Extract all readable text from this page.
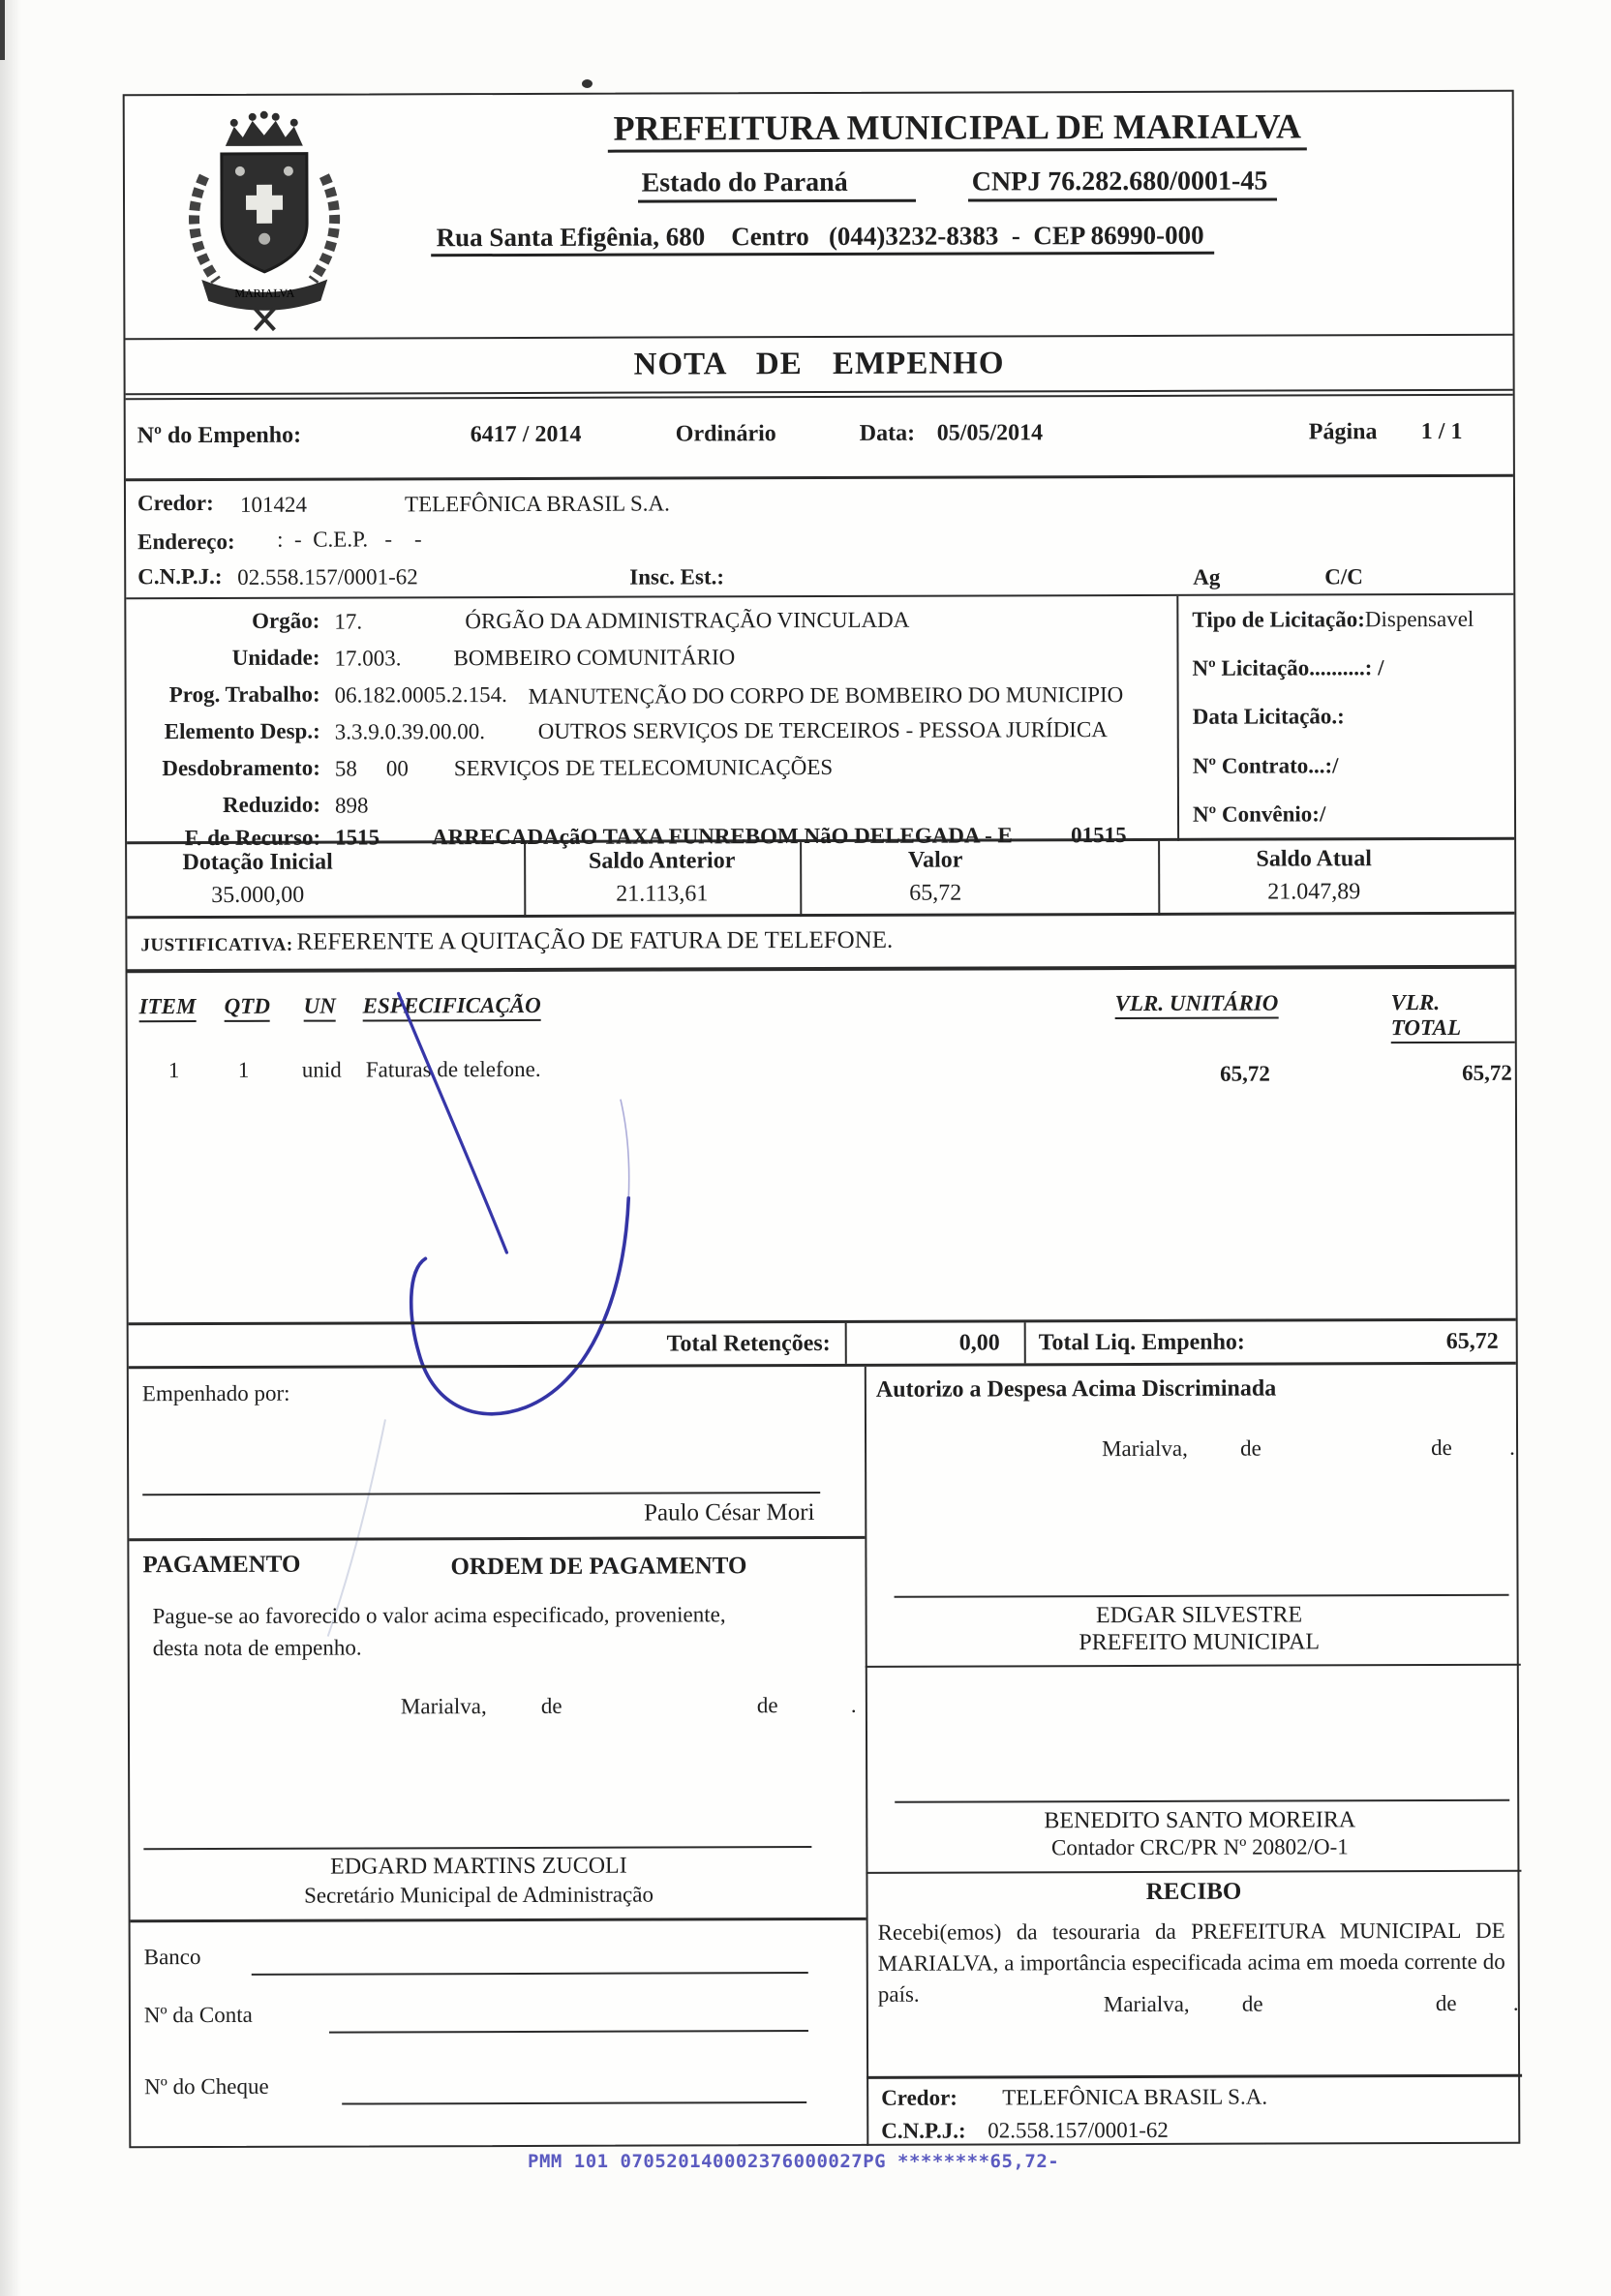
MARIALVA
PREFEITURA MUNICIPAL DE MARIALVA
Estado do Paraná	CNPJ 76.282.680/0001-45
Rua Santa Efigênia, 680    Centro   (044)3232-8383  -  CEP 86990-000
NOTA DE EMPENHO
Nº do Empenho:	6417 / 2014	Ordinário	Data: 05/05/2014	Página 1 / 1
Credor: 101424	TELEFÔNICA BRASIL S.A.
Endereço: :  -  C.E.P.   -    -
C.N.P.J.: 02.558.157/0001-62	Insc. Est.:	Ag	C/C
Orgão: 17.	ÓRGÃO DA ADMINISTRAÇÃO VINCULADA
Unidade: 17.003. BOMBEIRO COMUNITÁRIO
Prog. Trabalho: 06.182.0005.2.154. MANUTENÇÃO DO CORPO DE BOMBEIRO DO MUNICIPIO
Elemento Desp.: 3.3.9.0.39.00.00. OUTROS SERVIÇOS DE TERCEIROS - PESSOA JURÍDICA
Desdobramento: 58 00 SERVIÇOS DE TELECOMUNICAÇÕES
Reduzido: 898
F. de Recurso: 1515 ARRECADAçãO TAXA FUNREBOM NãO DELEGADA - E	01515
Tipo de Licitação:Dispensavel
Nº Licitação..........: /
Data Licitação.:
Nº Contrato...:/
Nº Convênio:/
Dotação Inicial	Saldo Anterior	Valor	Saldo Atual
35.000,00	21.113,61	65,72	21.047,89
JUSTIFICATIVA: REFERENTE A QUITAÇÃO DE FATURA DE TELEFONE.
ITEM QTD UN ESPECIFICAÇÃO	VLR. UNITÁRIO	VLR. TOTAL
1	1 unid Faturas de telefone.	65,72	65,72
Total Retenções:	0,00 Total Liq. Empenho:	65,72
Empenhado por:
Paulo César Mori
PAGAMENTO	ORDEM DE PAGAMENTO
Pague-se ao favorecido o valor acima especificado, proveniente, desta nota de empenho.
Marialva, de	de	.
EDGARD MARTINS ZUCOLI
Secretário Municipal de Administração
Banco
Nº da Conta
Nº do Cheque
Autorizo a Despesa Acima Discriminada
Marialva, de	de	.
EDGAR SILVESTRE
PREFEITO MUNICIPAL
BENEDITO SANTO MOREIRA
Contador CRC/PR Nº 20802/O-1
RECIBO
Recebi(emos) da tesouraria da PREFEITURA MUNICIPAL DE MARIALVA, a importância especificada acima em moeda corrente do país.	Marialva, de	de	.
Credor: TELEFÔNICA BRASIL S.A.
C.N.P.J.: 02.558.157/0001-62
PMM 101 070520140002376000027PG ********65,72-
